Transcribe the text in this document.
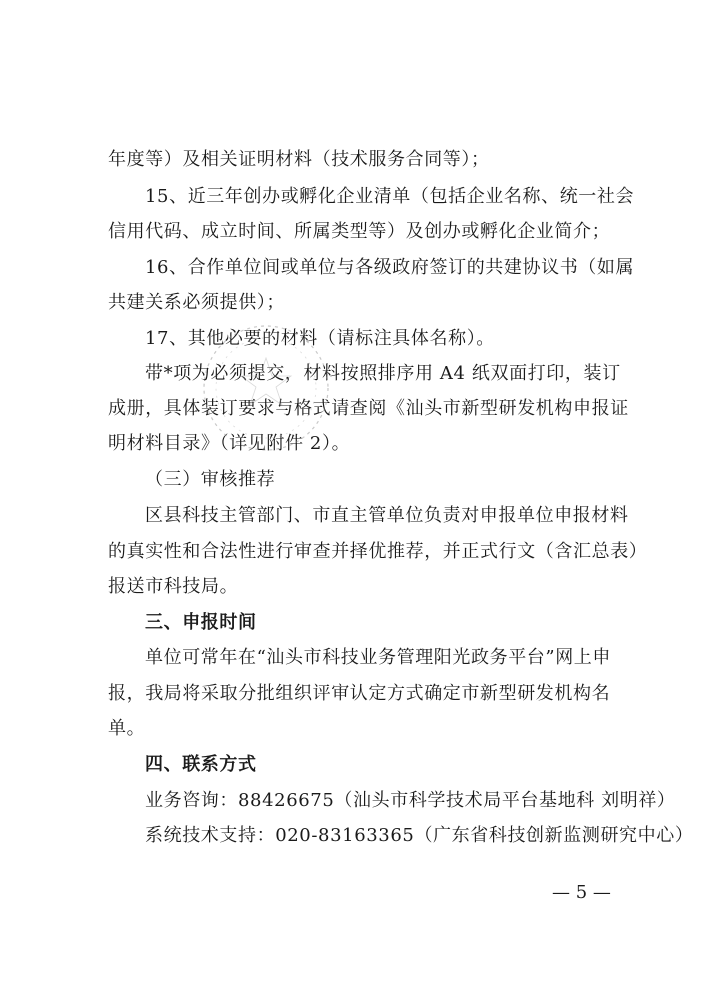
年度等）及相关证明材料（技术服务合同等）；
15、近三年创办或孵化企业清单（包括企业名称、统一社会
信用代码、成立时间、所属类型等）及创办或孵化企业简介；
16、合作单位间或单位与各级政府签订的共建协议书（如属
共建关系必须提供）；
17、其他必要的材料（请标注具体名称）。
带*项为必须提交，材料按照排序用 A4 纸双面打印，装订
成册，具体装订要求与格式请查阅《汕头市新型研发机构申报证
明材料目录》（详见附件 2）。
（三）审核推荐
区县科技主管部门、市直主管单位负责对申报单位申报材料
的真实性和合法性进行审查并择优推荐，并正式行文（含汇总表）
报送市科技局。
三、申报时间
单位可常年在“汕头市科技业务管理阳光政务平台”网上申
报，我局将采取分批组织评审认定方式确定市新型研发机构名
单。
四、联系方式
业务咨询：88426675（汕头市科学技术局平台基地科 刘明祥）
系统技术支持：020-83163365（广东省科技创新监测研究中心）
— 5 —
